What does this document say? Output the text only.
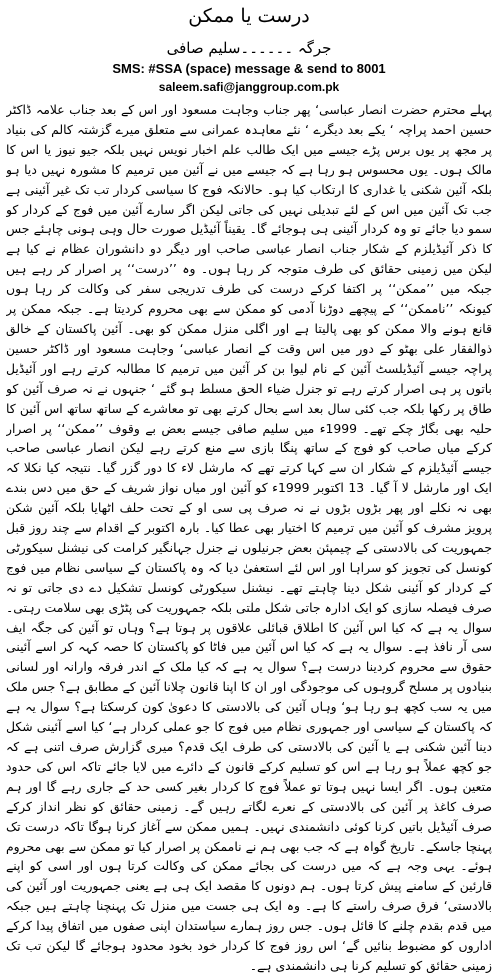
درست یا ممکن
جرگہ ۔۔۔۔۔۔سلیم صافی
SMS: #SSA (space) message & send to 8001
saleem.safi@janggroup.com.pk

پہلے محترم حضرت انصار عباسی‘ پھر جناب وجاہت مسعود اور اس کے بعد جناب علامہ ڈاکٹر حسین احمد پراچہ ‘ یکے بعد دیگرے ‘ نئے معاہدہ عمرانی سے متعلق میرے گزشتہ کالم کی بنیاد پر مجھ پر یوں برس پڑے جیسے میں ایک طالب علم اخبار نویس نہیں بلکہ جیو نیوز یا اس کا مالک ہوں۔ یوں محسوس ہو رہا ہے کہ جیسے میں نے آئین میں ترمیم کا مشورہ نہیں دیا ہو بلکہ آئین شکنی یا غداری کا ارتکاب کیا ہو۔ حالانکہ فوج کا سیاسی کردار تب تک غیر آئینی ہے جب تک آئین میں اس کے لئے تبدیلی نہیں کی جاتی لیکن اگر سارے آئین میں فوج کے کردار کو سمو دیا جائے تو وہ کردار آئینی ہی ہوجائے گا۔ یقیناً آئیڈیل صورت حال وہی ہونی چاہئے جس کا ذکر آئیڈیلزم کے شکار جناب انصار عباسی صاحب اور دیگر دو دانشوران عظام نے کیا ہے لیکن میں زمینی حقائق کی طرف متوجہ کر رہا ہوں۔ وہ ’’درست‘‘ پر اصرار کر رہے ہیں جبکہ میں ’’ممکن‘‘ پر اکتفا کرکے درست کی طرف تدریجی سفر کی وکالت کر رہا ہوں کیونکہ ’’ناممکن‘‘ کے پیچھے دوڑنا آدمی کو ممکن سے بھی محروم کردیتا ہے۔ جبکہ ممکن پر قانع ہونے والا ممکن کو بھی پالیتا ہے اور اگلی منزل ممکن کو بھی۔ آئین پاکستان کے خالق ذوالفقار علی بھٹو کے دور میں اس وقت کے انصار عباسی‘ وجاہت مسعود اور ڈاکٹر حسین پراچہ جیسے آئیڈیلسٹ آئین کے نام لیوا بن کر آئین میں ترمیم کا مطالبہ کرتے رہے اور آئیڈیل باتوں پر ہی اصرار کرتے رہے تو جنرل ضیاء الحق مسلط ہو گئے ‘ جنہوں نے نہ صرف آئین کو طاق پر رکھا بلکہ جب کئی سال بعد اسے بحال کرتے بھی تو معاشرے کے ساتھ ساتھ اس آئین کا حلیہ بھی بگاڑ چکے تھے۔ 1999ء میں سلیم صافی جیسے بعض بے وقوف ’’ممکن‘‘ پر اصرار کرکے میاں صاحب کو فوج کے ساتھ پنگا بازی سے منع کرتے رہے لیکن انصار عباسی صاحب جیسے آئیڈیلزم کے شکار ان سے کہا کرتے تھے کہ مارشل لاء کا دور گزر گیا۔ نتیجہ کیا نکلا کہ ایک اور مارشل لا آ گیا۔ 13 اکتوبر 1999ء کو آئین اور میاں نواز شریف کے حق میں دس بندے بھی نہ نکلے اور پھر بڑوں بڑوں نے نہ صرف پی سی او کے تحت حلف اٹھایا بلکہ آئین شکن پرویز مشرف کو آئین میں ترمیم کا اختیار بھی عطا کیا۔ بارہ اکتوبر کے اقدام سے چند روز قبل جمہوریت کی بالادستی کے چیمپئن بعض جرنیلوں نے جنرل جہانگیر کرامت کی نیشنل سیکورٹی کونسل کی تجویز کو سراہا اور اس لئے استعفیٰ دیا کہ وہ پاکستان کے سیاسی نظام میں فوج کے کردار کو آئینی شکل دینا چاہتے تھے۔ نیشنل سیکورٹی کونسل تشکیل دے دی جاتی تو نہ صرف فیصلہ سازی کو ایک ادارہ جاتی شکل ملتی بلکہ جمہوریت کی پٹڑی بھی سلامت رہتی۔ سوال یہ ہے کہ کیا اس آئین کا اطلاق قبائلی علاقوں پر ہوتا ہے؟ وہاں تو آئین کی جگہ ایف سی آر نافذ ہے۔ سوال یہ ہے کہ کیا اس آئین میں فاٹا کو پاکستان کا حصہ کہہ کر اسے آئینی حقوق سے محروم کردینا درست ہے؟ سوال یہ ہے کہ کیا ملک کے اندر فرقہ وارانہ اور لسانی بنیادوں پر مسلح گروہوں کی موجودگی اور ان کا اپنا قانون چلانا آئین کے مطابق ہے؟ جس ملک میں یہ سب کچھ ہو رہا ہو‘ وہاں آئین کی بالادستی کا دعویٰ کون کرسکتا ہے؟ سوال یہ ہے کہ پاکستان کے سیاسی اور جمہوری نظام میں فوج کا جو عملی کردار ہے‘ کیا اسے آئینی شکل دینا آئین شکنی ہے یا آئین کی بالادستی کی طرف ایک قدم؟ میری گزارش صرف اتنی ہے کہ جو کچھ عملاً ہو رہا ہے اس کو تسلیم کرکے قانون کے دائرے میں لایا جائے تاکہ اس کی حدود متعین ہوں۔ اگر ایسا نہیں ہوتا تو عملاً فوج کا کردار بغیر کسی حد کے جاری رہے گا اور ہم صرف کاغذ پر آئین کی بالادستی کے نعرے لگاتے رہیں گے۔ زمینی حقائق کو نظر انداز کرکے صرف آئیڈیل باتیں کرنا کوئی دانشمندی نہیں۔ ہمیں ممکن سے آغاز کرنا ہوگا تاکہ درست تک پہنچا جاسکے۔ تاریخ گواہ ہے کہ جب بھی ہم نے ناممکن پر اصرار کیا تو ممکن سے بھی محروم ہوئے۔ یہی وجہ ہے کہ میں درست کی بجائے ممکن کی وکالت کرتا ہوں اور اسی کو اپنے قارئین کے سامنے پیش کرتا ہوں۔ ہم دونوں کا مقصد ایک ہی ہے یعنی جمہوریت اور آئین کی بالادستی‘ فرق صرف راستے کا ہے۔ وہ ایک ہی جست میں منزل تک پہنچنا چاہتے ہیں جبکہ میں قدم بقدم چلنے کا قائل ہوں۔ جس روز ہمارے سیاستدان اپنی صفوں میں اتفاق پیدا کرکے اداروں کو مضبوط بنائیں گے‘ اس روز فوج کا کردار خود بخود محدود ہوجائے گا لیکن تب تک زمینی حقائق کو تسلیم کرنا ہی دانشمندی ہے۔
